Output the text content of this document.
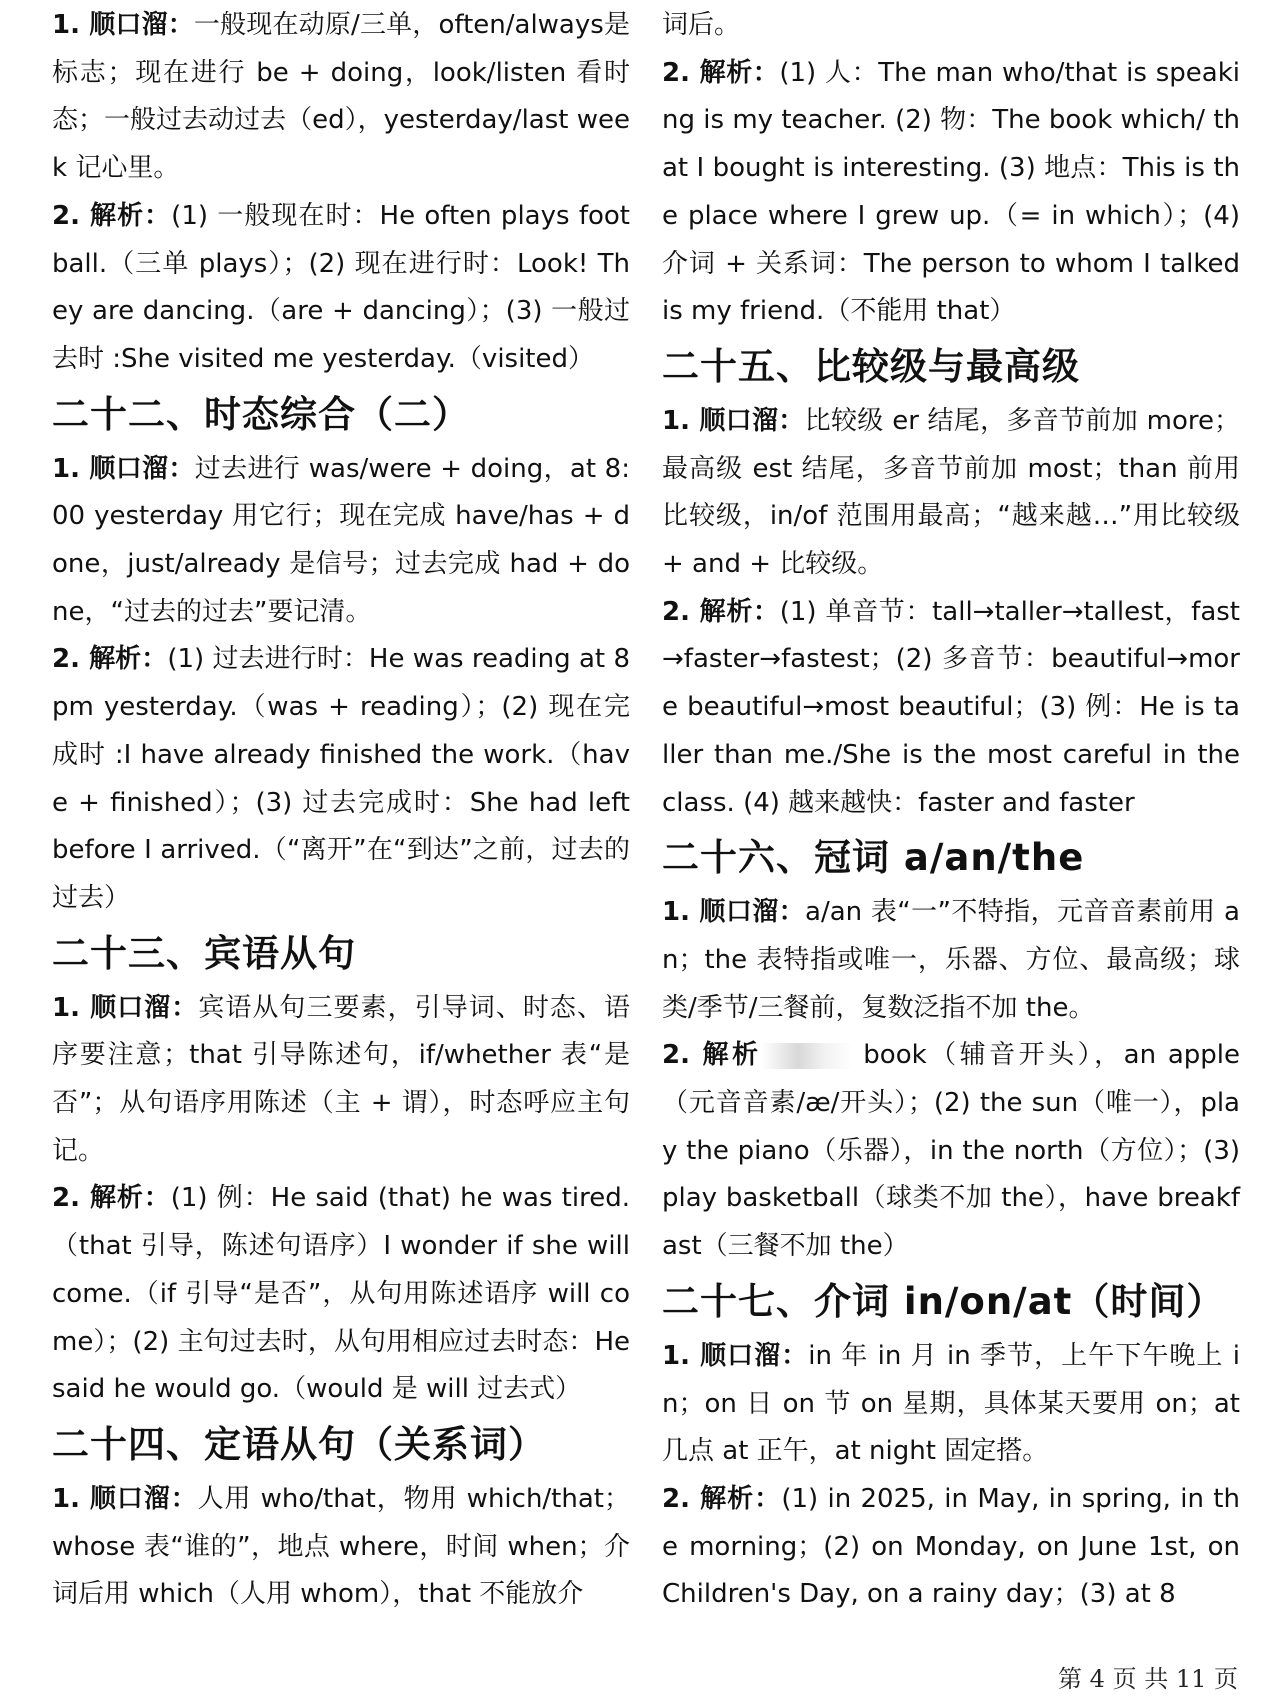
1. 顺口溜：一般现在动原/三单，often/always是标志；现在进行 be + doing，look/listen 看时态；一般过去动过去（ed），yesterday/last week 记心里。

2. 解析：(1) 一般现在时：He often plays football.（三单 plays）；(2) 现在进行时：Look! They are dancing.（are + dancing）；(3) 一般过去时 :She visited me yesterday.（visited）

二十二、时态综合（二）

1. 顺口溜：过去进行 was/were + doing，at 8:00 yesterday 用它行；现在完成 have/has + done，just/already 是信号；过去完成 had + done，“过去的过去”要记清。

2. 解析：(1) 过去进行时：He was reading at 8 pm yesterday.（was + reading）；(2) 现在完成时 :I have already finished the work.（have + finished）；(3) 过去完成时：She had left before I arrived.（“离开”在“到达”之前，过去的过去）

二十三、宾语从句

1. 顺口溜：宾语从句三要素，引导词、时态、语序要注意；that 引导陈述句，if/whether 表“是否”；从句语序用陈述（主 + 谓），时态呼应主句记。

2. 解析：(1) 例：He said (that) he was tired.（that 引导，陈述句语序）I wonder if she will come.（if 引导“是否”，从句用陈述语序 will come）；(2) 主句过去时，从句用相应过去时态：He said he would go.（would 是 will 过去式）

二十四、定语从句（关系词）

1. 顺口溜：人用 who/that，物用 which/that；whose 表“谁的”，地点 where，时间 when；介词后用 which（人用 whom），that 不能放介

词后。

2. 解析：(1) 人：The man who/that is speaking is my teacher. (2) 物：The book which/ that I bought is interesting. (3) 地点：This is the place where I grew up.（= in which）；(4) 介词 + 关系词：The person to whom I talked is my friend.（不能用 that）

二十五、比较级与最高级

1. 顺口溜：比较级 er 结尾，多音节前加 more；最高级 est 结尾，多音节前加 most；than 前用比较级，in/of 范围用最高；“越来越…”用比较级 + and + 比较级。

2. 解析：(1) 单音节：tall→taller→tallest，fast→faster→fastest；(2) 多音节：beautiful→more beautiful→most beautiful；(3) 例：He is taller than me./She is the most careful in the class. (4) 越来越快：faster and faster

二十六、冠词 a/an/the

1. 顺口溜：a/an 表“一”不特指，元音音素前用 an；the 表特指或唯一，乐器、方位、最高级；球类/季节/三餐前，复数泛指不加 the。

2. 解析	book（辅音开头），an apple（元音音素/æ/开头）；(2) the sun（唯一），play the piano（乐器），in the north（方位）；(3) play basketball（球类不加 the），have breakfast（三餐不加 the）

二十七、介词 in/on/at（时间）

1. 顺口溜：in 年 in 月 in 季节，上午下午晚上 in；on 日 on 节 on 星期，具体某天要用 on；at 几点 at 正午，at night 固定搭。

2. 解析：(1) in 2025, in May, in spring, in the morning；(2) on Monday, on June 1st, on Children's Day, on a rainy day；(3) at 8

第 4 页 共 11 页
